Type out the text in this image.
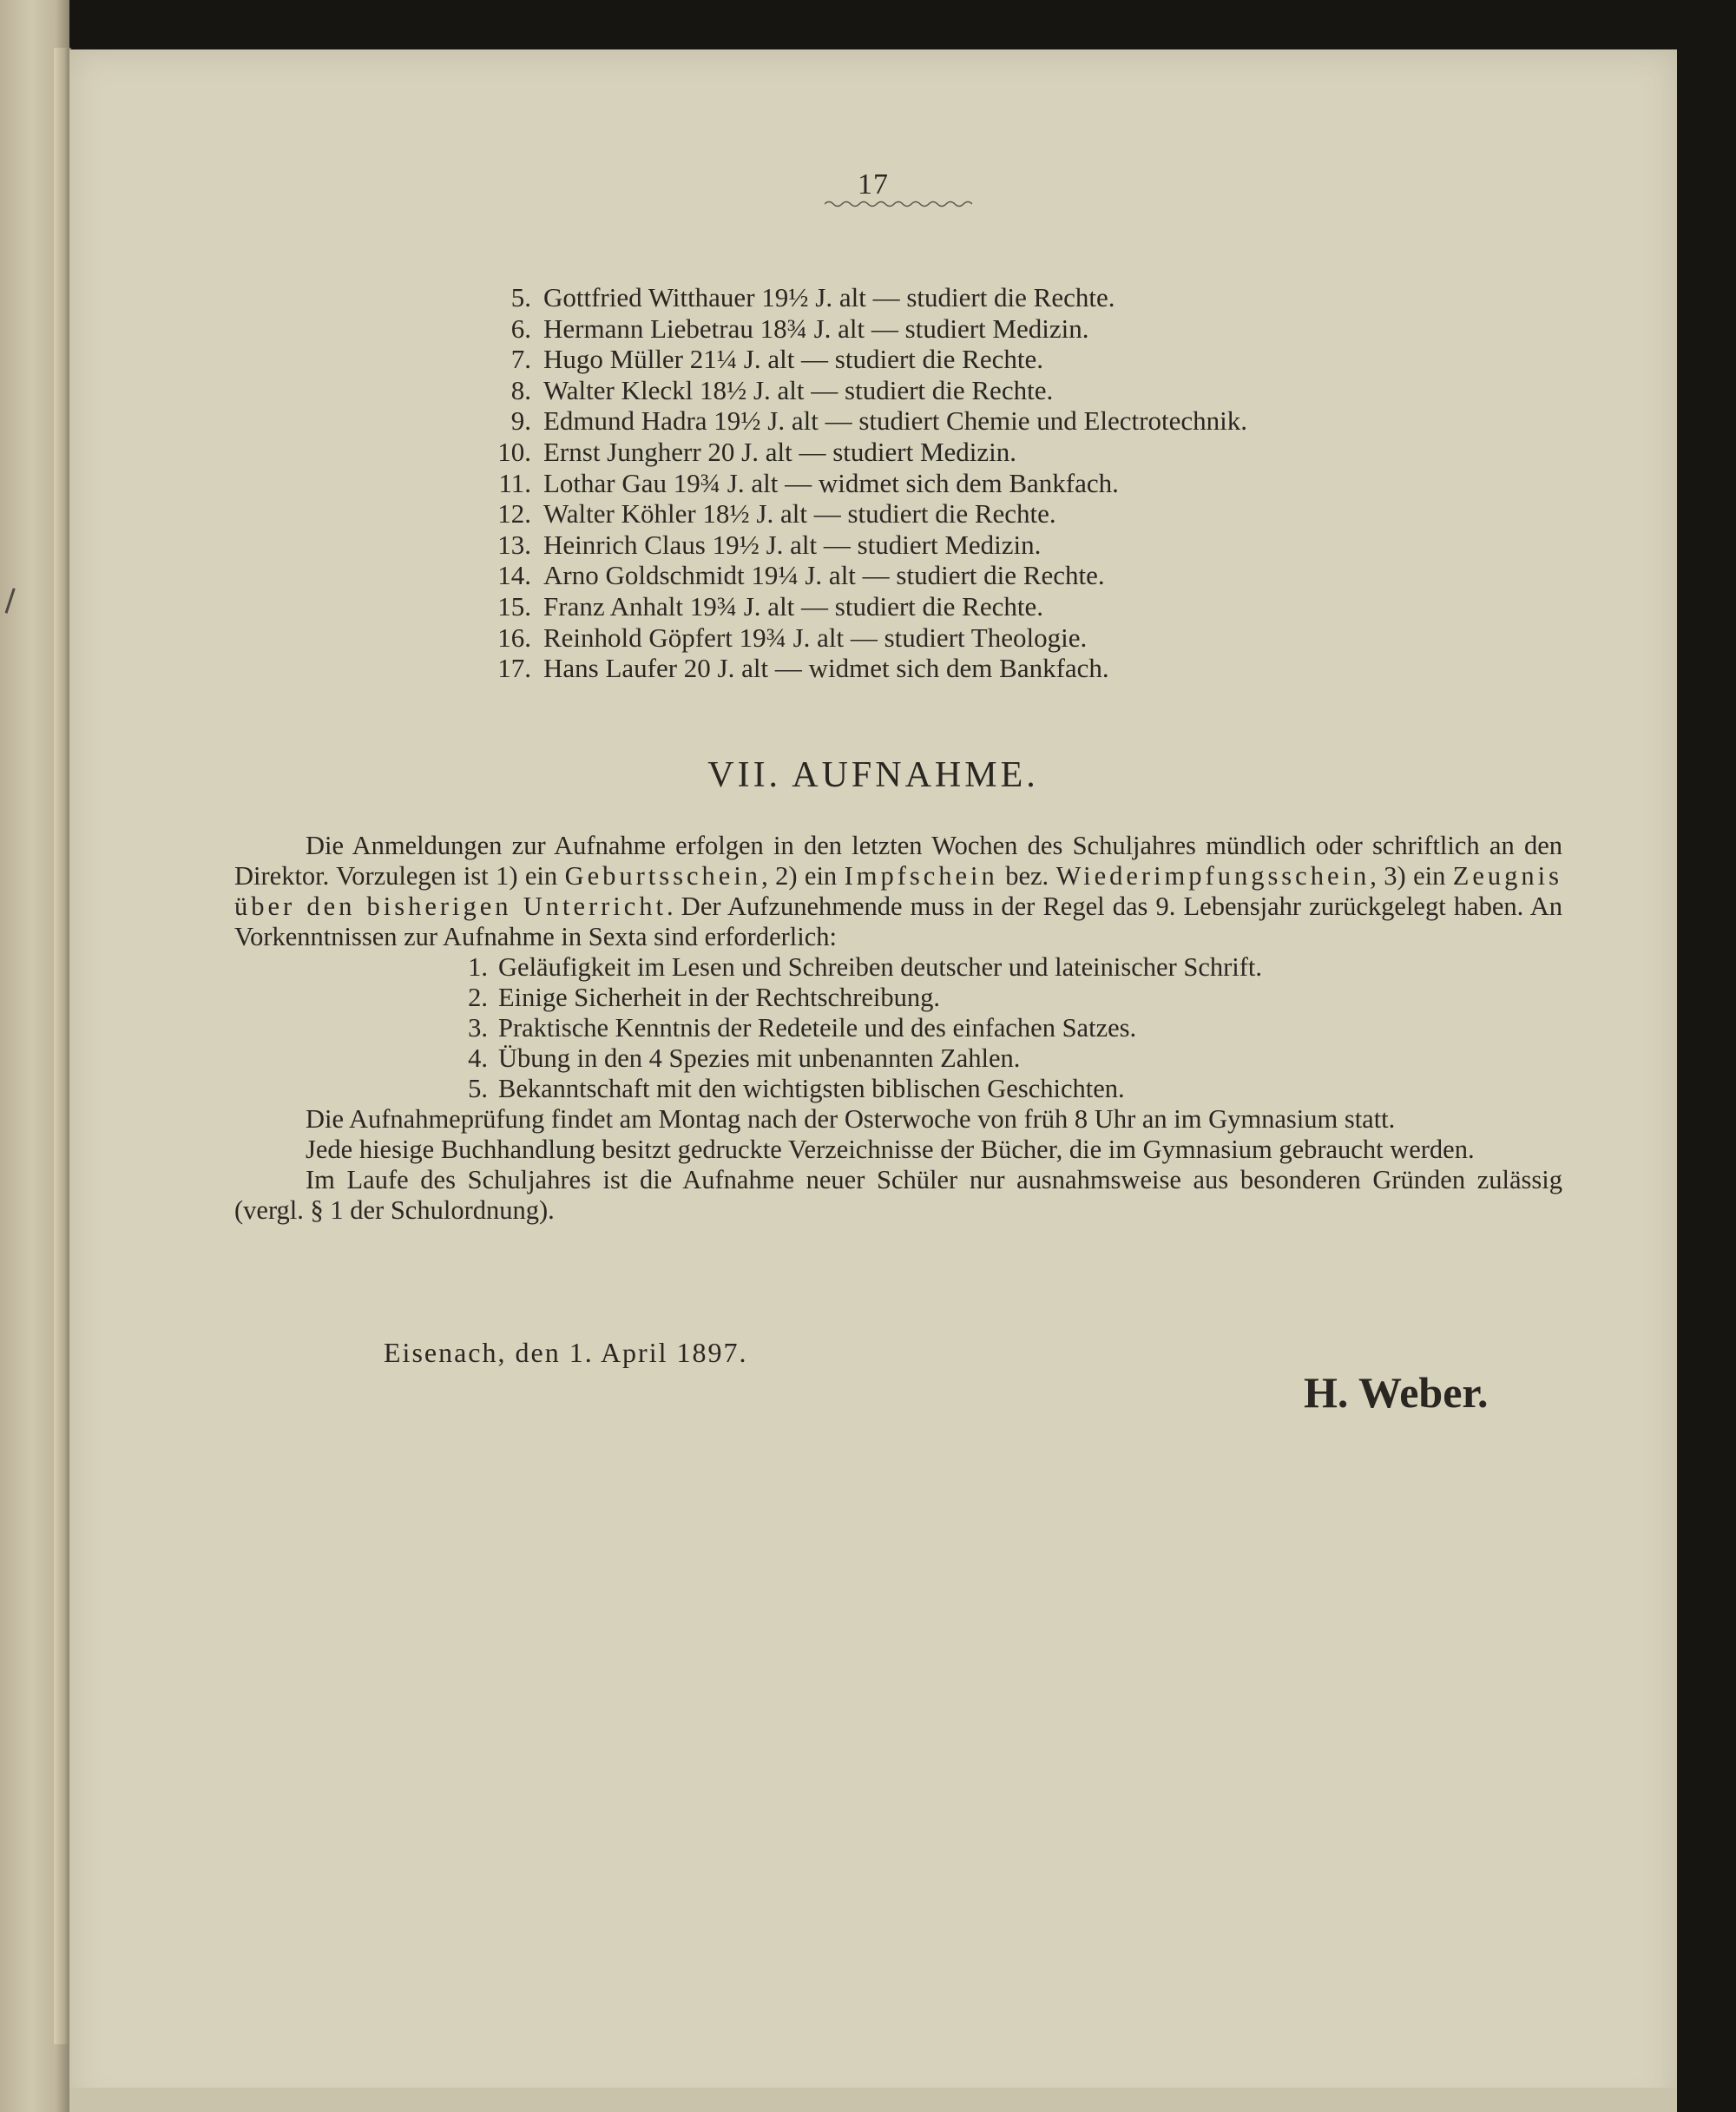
17
5. Gottfried Witthauer 19½ J. alt — studiert die Rechte.
6. Hermann Liebetrau 18¾ J. alt — studiert Medizin.
7. Hugo Müller 21¼ J. alt — studiert die Rechte.
8. Walter Kleckl 18½ J. alt — studiert die Rechte.
9. Edmund Hadra 19½ J. alt — studiert Chemie und Electrotechnik.
10. Ernst Jungherr 20 J. alt — studiert Medizin.
11. Lothar Gau 19¾ J. alt — widmet sich dem Bankfach.
12. Walter Köhler 18½ J. alt — studiert die Rechte.
13. Heinrich Claus 19½ J. alt — studiert Medizin.
14. Arno Goldschmidt 19¼ J. alt — studiert die Rechte.
15. Franz Anhalt 19¾ J. alt — studiert die Rechte.
16. Reinhold Göpfert 19¾ J. alt — studiert Theologie.
17. Hans Laufer 20 J. alt — widmet sich dem Bankfach.
VII. AUFNAHME.

Die Anmeldungen zur Aufnahme erfolgen in den letzten Wochen des Schuljahres mündlich oder schriftlich an den Direktor. Vorzulegen ist 1) ein Geburtsschein, 2) ein Impfschein bez. Wiederimpfungsschein, 3) ein Zeugnis über den bisherigen Unterricht. Der Aufzunehmende muss in der Regel das 9. Lebensjahr zurückgelegt haben. An Vorkenntnissen zur Aufnahme in Sexta sind erforderlich:

1. Geläufigkeit im Lesen und Schreiben deutscher und lateinischer Schrift.
2. Einige Sicherheit in der Rechtschreibung.
3. Praktische Kenntnis der Redeteile und des einfachen Satzes.
4. Übung in den 4 Spezies mit unbenannten Zahlen.
5. Bekanntschaft mit den wichtigsten biblischen Geschichten.

Die Aufnahmeprüfung findet am Montag nach der Osterwoche von früh 8 Uhr an im Gymnasium statt.

Jede hiesige Buchhandlung besitzt gedruckte Verzeichnisse der Bücher, die im Gymnasium gebraucht werden.

Im Laufe des Schuljahres ist die Aufnahme neuer Schüler nur ausnahmsweise aus besonderen Gründen zulässig (vergl. § 1 der Schulordnung).

Eisenach, den 1. April 1897.
H. Weber.
